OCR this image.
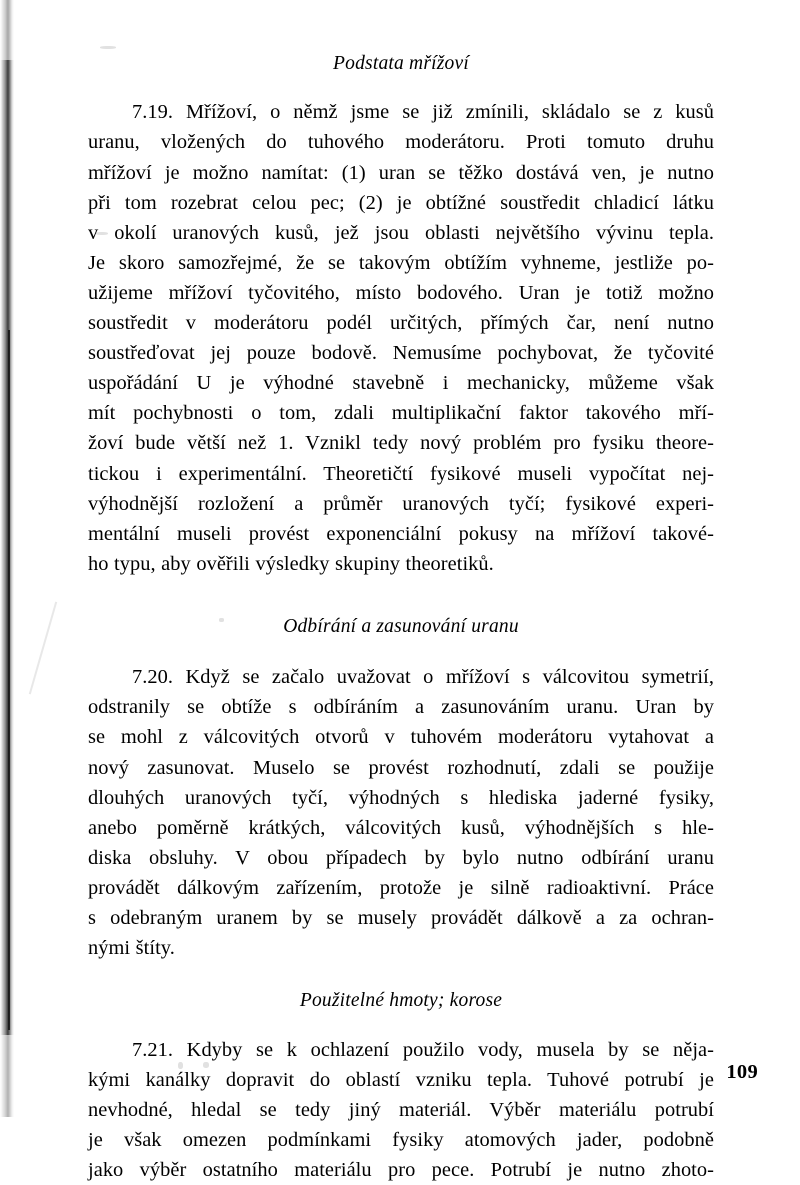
Podstata mřížoví
7.19. Mřížoví, o němž jsme se již zmínili, skládalo se z kusů
uranu, vložených do tuhového moderátoru. Proti tomuto druhu
mřížoví je možno namítat: (1) uran se těžko dostává ven, je nutno
při tom rozebrat celou pec; (2) je obtížné soustředit chladicí látku
v okolí uranových kusů, jež jsou oblasti největšího vývinu tepla.
Je skoro samozřejmé, že se takovým obtížím vyhneme, jestliže po-
užijeme mřížoví tyčovitého, místo bodového. Uran je totiž možno
soustředit v moderátoru podél určitých, přímých čar, není nutno
soustřeďovat jej pouze bodově. Nemusíme pochybovat, že tyčovité
uspořádání U je výhodné stavebně i mechanicky, můžeme však
mít pochybnosti o tom, zdali multiplikační faktor takového mří-
žoví bude větší než 1. Vznikl tedy nový problém pro fysiku theore-
tickou i experimentální. Theoretičtí fysikové museli vypočítat nej-
výhodnější rozložení a průměr uranových tyčí; fysikové experi-
mentální museli provést exponenciální pokusy na mřížoví takové-
ho typu, aby ověřili výsledky skupiny theoretiků.
Odbírání a zasunování uranu
7.20. Když se začalo uvažovat o mřížoví s válcovitou symetrií,
odstranily se obtíže s odbíráním a zasunováním uranu. Uran by
se mohl z válcovitých otvorů v tuhovém moderátoru vytahovat a
nový zasunovat. Muselo se provést rozhodnutí, zdali se použije
dlouhých uranových tyčí, výhodných s hlediska jaderné fysiky,
anebo poměrně krátkých, válcovitých kusů, výhodnějších s hle-
diska obsluhy. V obou případech by bylo nutno odbírání uranu
provádět dálkovým zařízením, protože je silně radioaktivní. Práce
s odebraným uranem by se musely provádět dálkově a za ochran-
nými štíty.
Použitelné hmoty; korose
7.21. Kdyby se k ochlazení použilo vody, musela by se něja-
kými kanálky dopravit do oblastí vzniku tepla. Tuhové potrubí je
nevhodné, hledal se tedy jiný materiál. Výběr materiálu potrubí
je však omezen podmínkami fysiky atomových jader, podobně
jako výběr ostatního materiálu pro pece. Potrubí je nutno zhoto-
109
